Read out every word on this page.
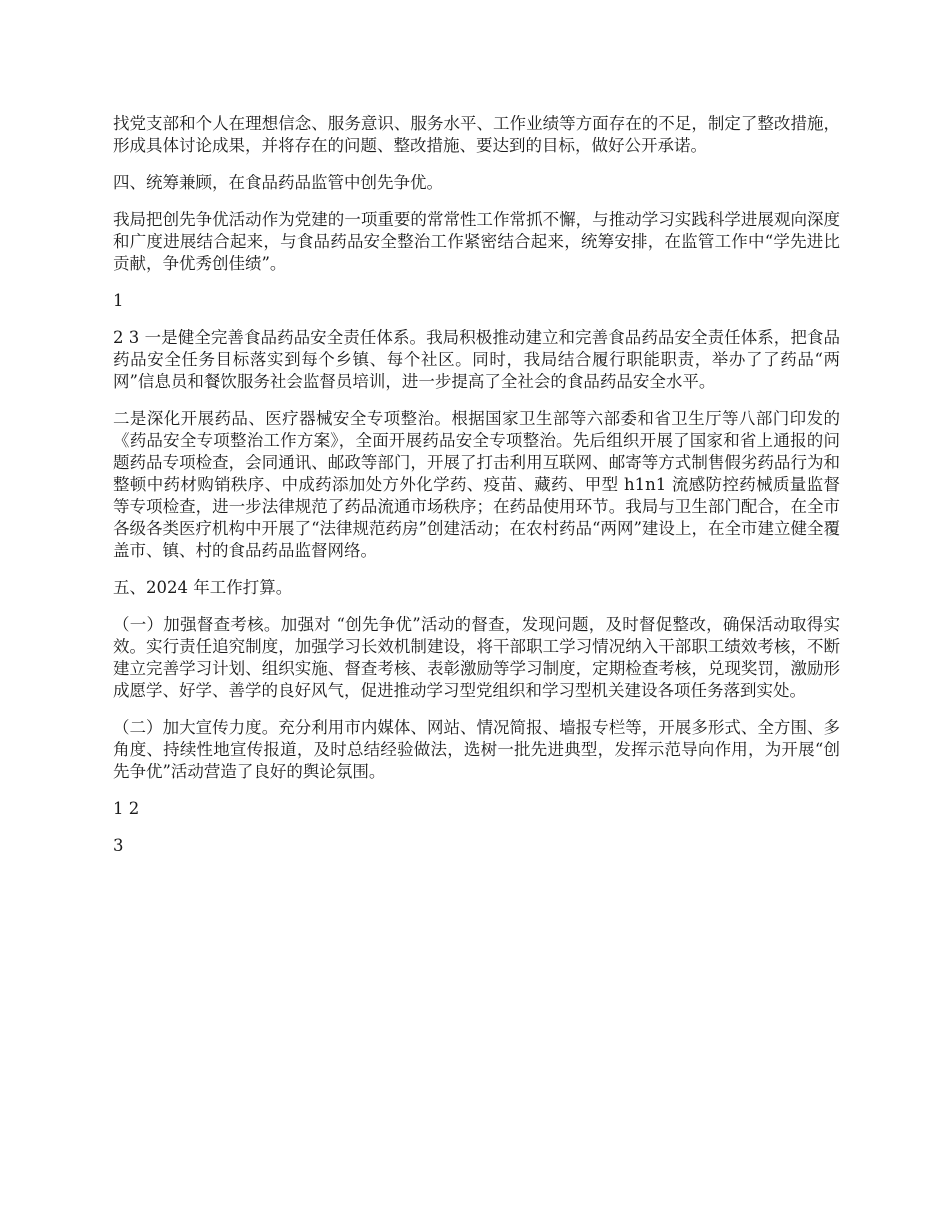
找党支部和个人在理想信念、服务意识、服务水平、工作业绩等方面存在的不足，制定了整改措施，形成具体讨论成果，并将存在的问题、整改措施、要达到的目标，做好公开承诺。

四、统筹兼顾，在食品药品监管中创先争优。

我局把创先争优活动作为党建的一项重要的常常性工作常抓不懈，与推动学习实践科学进展观向深度和广度进展结合起来，与食品药品安全整治工作紧密结合起来，统筹安排，在监管工作中“学先进比贡献，争优秀创佳绩”。

1

2 3 一是健全完善食品药品安全责任体系。我局积极推动建立和完善食品药品安全责任体系，把食品药品安全任务目标落实到每个乡镇、每个社区。同时，我局结合履行职能职责，举办了了药品“两网”信息员和餐饮服务社会监督员培训，进一步提高了全社会的食品药品安全水平。

二是深化开展药品、医疗器械安全专项整治。根据国家卫生部等六部委和省卫生厅等八部门印发的《药品安全专项整治工作方案》，全面开展药品安全专项整治。先后组织开展了国家和省上通报的问题药品专项检查，会同通讯、邮政等部门，开展了打击利用互联网、邮寄等方式制售假劣药品行为和整顿中药材购销秩序、中成药添加处方外化学药、疫苗、藏药、甲型 h1n1 流感防控药械质量监督等专项检查，进一步法律规范了药品流通市场秩序；在药品使用环节。我局与卫生部门配合，在全市各级各类医疗机构中开展了“法律规范药房”创建活动；在农村药品“两网”建设上，在全市建立健全覆盖市、镇、村的食品药品监督网络。

五、2024 年工作打算。

（一）加强督查考核。加强对 “创先争优”活动的督查，发现问题，及时督促整改，确保活动取得实效。实行责任追究制度，加强学习长效机制建设，将干部职工学习情况纳入干部职工绩效考核，不断建立完善学习计划、组织实施、督查考核、表彰激励等学习制度，定期检查考核，兑现奖罚，激励形成愿学、好学、善学的良好风气，促进推动学习型党组织和学习型机关建设各项任务落到实处。

（二）加大宣传力度。充分利用市内媒体、网站、情况简报、墙报专栏等，开展多形式、全方围、多角度、持续性地宣传报道，及时总结经验做法，选树一批先进典型，发挥示范导向作用，为开展“创先争优”活动营造了良好的舆论氛围。

1 2

3
